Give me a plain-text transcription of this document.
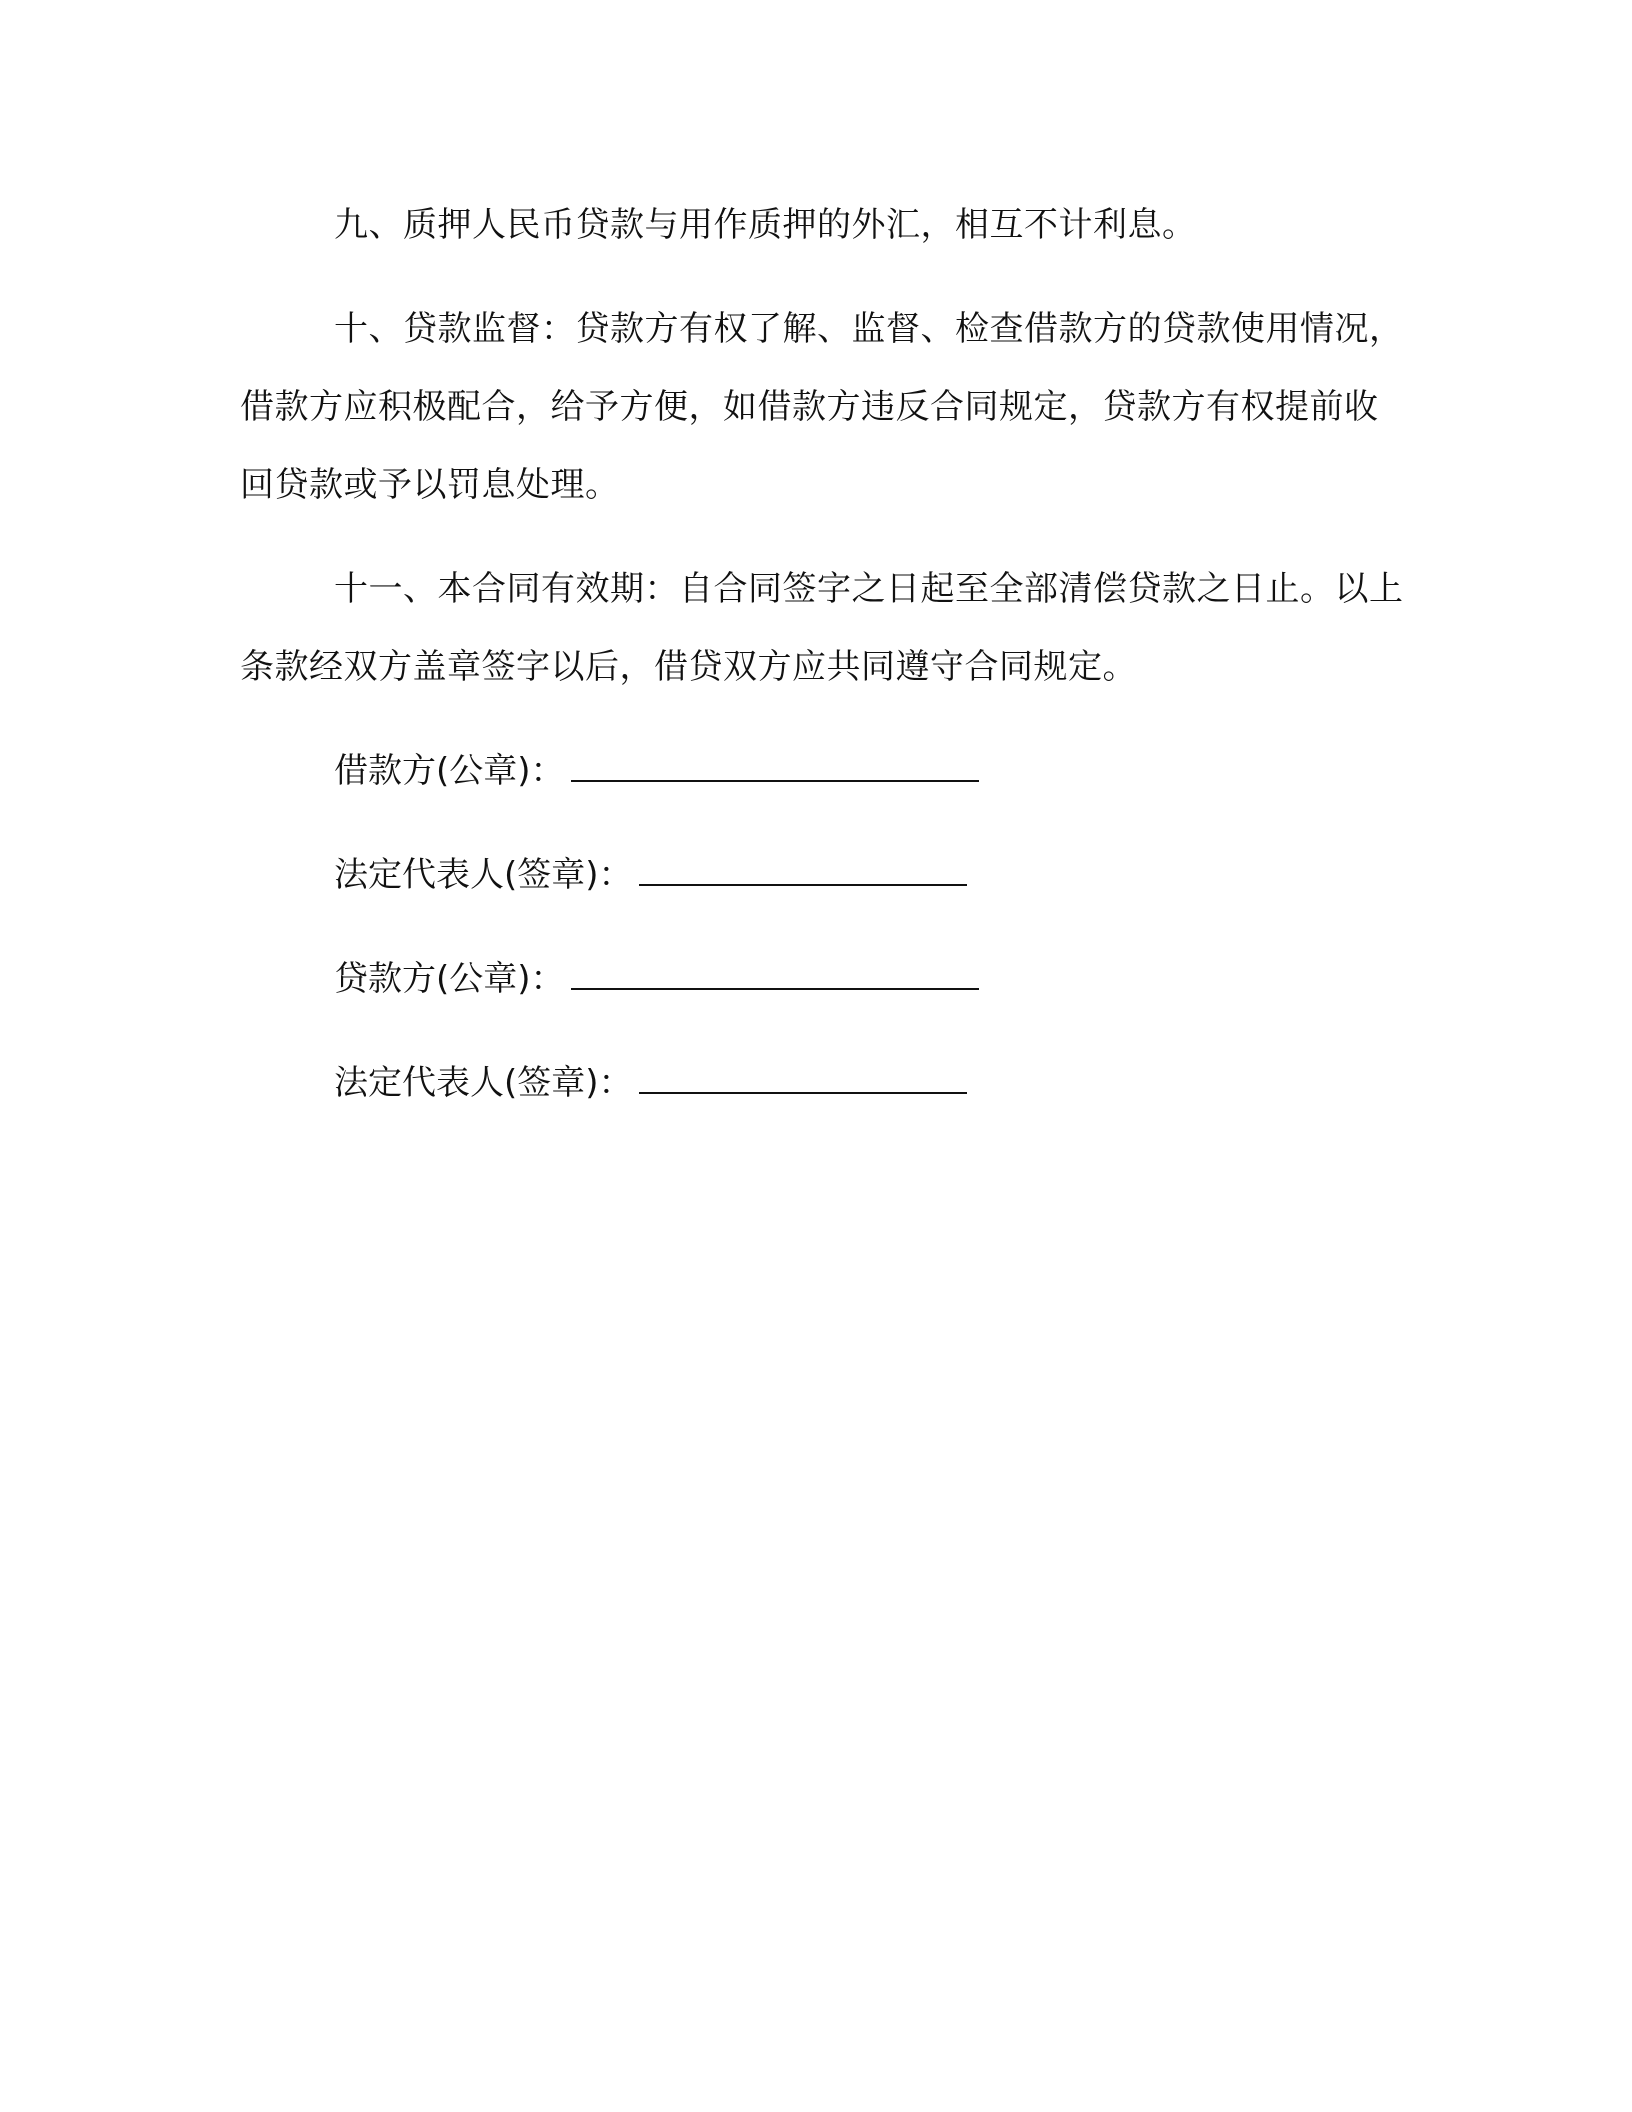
九、质押人民币贷款与用作质押的外汇，相互不计利息。

十、贷款监督：贷款方有权了解、监督、检查借款方的贷款使用情况，借款方应积极配合，给予方便，如借款方违反合同规定，贷款方有权提前收回贷款或予以罚息处理。

十一、本合同有效期：自合同签字之日起至全部清偿贷款之日止。以上条款经双方盖章签字以后，借贷双方应共同遵守合同规定。

借款方(公章)：
法定代表人(签章)：
贷款方(公章)：
法定代表人(签章)：
